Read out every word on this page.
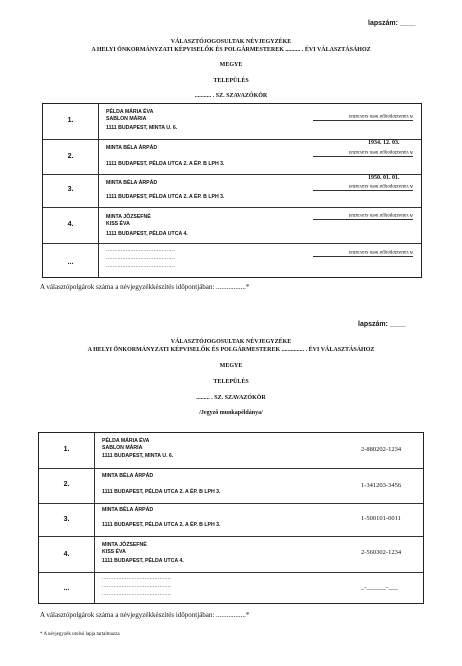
lapszám: ____
VÁLASZTÓJOGOSULTAK NÉVJEGYZÉKE
A HELYI ÖNKORMÁNYZATI KÉPVISELŐK ÉS POLGÁRMESTEREK .......... . ÉVI VÁLASZTÁSÁHOZ
MEGYE
TELEPÜLÉS
........... . SZ. SZAVAZÓKÖR
1.
PÉLDA MÁRIA ÉVA
SABLON MÁRIA
1111 BUDAPEST, MINTA U. 6.
A választópolgár nem szavazhat
2.
MINTA BÉLA ÁRPÁD
1111 BUDAPEST, PÉLDA UTCA 2. A ÉP. B LPH 3.
1934. 12. 03.
A választópolgár nem szavazhat
3.
MINTA BÉLA ÁRPÁD
1111 BUDAPEST, PÉLDA UTCA 2. A ÉP. B LPH 3.
1950. 01. 01.
A választópolgár nem szavazhat
4.
MINTA JÓZSEFNÉ
KISS ÉVA
1111 BUDAPEST, PÉLDA UTCA 4.
A választópolgár nem szavazhat
...
..........................................
..........................................
..........................................
A választópolgár nem szavazhat
A választópolgárok száma a névjegyzékkészítés időpontjában: .................*
lapszám: ____
VÁLASZTÓJOGOSULTAK NÉVJEGYZÉKE
A HELYI ÖNKORMÁNYZATI KÉPVISELŐK ÉS POLGÁRMESTEREK ............... . ÉVI VÁLASZTÁSÁHOZ
MEGYE
TELEPÜLÉS
......... . SZ. SZAVAZÓKÖR
/Jegyző munkapéldánya/
1.
PÉLDA MÁRIA ÉVA
SABLON MÁRIA
1111 BUDAPEST, MINTA U. 6.
2-880202-1234
2.
MINTA BÉLA ÁRPÁD
1111 BUDAPEST, PÉLDA UTCA 2. A ÉP. B LPH 3.
1-341203-3456
3.
MINTA BÉLA ÁRPÁD
1111 BUDAPEST, PÉLDA UTCA 2. A ÉP. B LPH 3.
1-500101-0011
4.
MINTA JÓZSEFNÉ
KISS ÉVA
1111 BUDAPEST, PÉLDA UTCA 4.
2-560302-1234
...
..........................................
..........................................
..........................................
_-______-___
A választópolgárok száma a névjegyzékkészítés időpontjában: .................*
* A névjegyzék utolsó lapja tartalmazza
